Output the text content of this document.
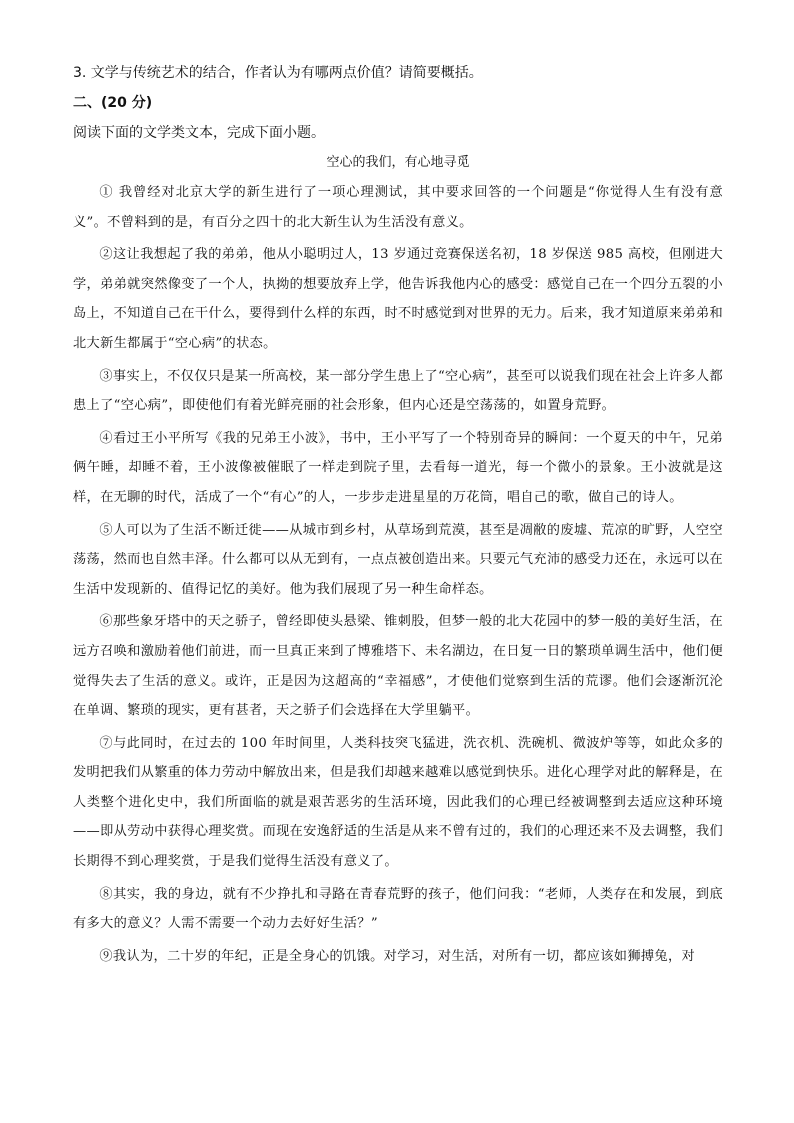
3. 文学与传统艺术的结合，作者认为有哪两点价值？请简要概括。

二、(20 分)

阅读下面的文学类文本，完成下面小题。

空心的我们，有心地寻觅

① 我曾经对北京大学的新生进行了一项心理测试，其中要求回答的一个问题是“你觉得人生有没有意义”。不曾料到的是，有百分之四十的北大新生认为生活没有意义。

②这让我想起了我的弟弟，他从小聪明过人，13 岁通过竞赛保送名初，18 岁保送 985 高校，但刚进大学，弟弟就突然像变了一个人，执拗的想要放弃上学，他告诉我他内心的感受：感觉自己在一个四分五裂的小岛上，不知道自己在干什么，要得到什么样的东西，时不时感觉到对世界的无力。后来，我才知道原来弟弟和北大新生都属于“空心病”的状态。

③事实上，不仅仅只是某一所高校，某一部分学生患上了“空心病”，甚至可以说我们现在社会上许多人都患上了“空心病”，即使他们有着光鲜亮丽的社会形象，但内心还是空荡荡的，如置身荒野。

④看过王小平所写《我的兄弟王小波》，书中，王小平写了一个特别奇异的瞬间：一个夏天的中午，兄弟俩午睡，却睡不着，王小波像被催眠了一样走到院子里，去看每一道光，每一个微小的景象。王小波就是这样，在无聊的时代，活成了一个“有心”的人，一步步走进星星的万花筒，唱自己的歌，做自己的诗人。

⑤人可以为了生活不断迁徙——从城市到乡村，从草场到荒漠，甚至是凋敝的废墟、荒凉的旷野，人空空荡荡，然而也自然丰泽。什么都可以从无到有，一点点被创造出来。只要元气充沛的感受力还在，永远可以在生活中发现新的、值得记忆的美好。他为我们展现了另一种生命样态。

⑥那些象牙塔中的天之骄子，曾经即使头悬梁、锥刺股，但梦一般的北大花园中的梦一般的美好生活，在远方召唤和激励着他们前进，而一旦真正来到了博雅塔下、未名湖边，在日复一日的繁琐单调生活中，他们便觉得失去了生活的意义。或许，正是因为这超高的“幸福感”，才使他们觉察到生活的荒谬。他们会逐渐沉沦在单调、繁琐的现实，更有甚者，天之骄子们会选择在大学里躺平。

⑦与此同时，在过去的 100 年时间里，人类科技突飞猛进，洗衣机、洗碗机、微波炉等等，如此众多的发明把我们从繁重的体力劳动中解放出来，但是我们却越来越难以感觉到快乐。进化心理学对此的解释是，在人类整个进化史中，我们所面临的就是艰苦恶劣的生活环境，因此我们的心理已经被调整到去适应这种环境——即从劳动中获得心理奖赏。而现在安逸舒适的生活是从来不曾有过的，我们的心理还来不及去调整，我们长期得不到心理奖赏，于是我们觉得生活没有意义了。

⑧其实，我的身边，就有不少挣扎和寻路在青春荒野的孩子，他们问我：“老师，人类存在和发展，到底有多大的意义？人需不需要一个动力去好好生活？”

⑨我认为，二十岁的年纪，正是全身心的饥饿。对学习，对生活，对所有一切，都应该如狮搏兔，对
